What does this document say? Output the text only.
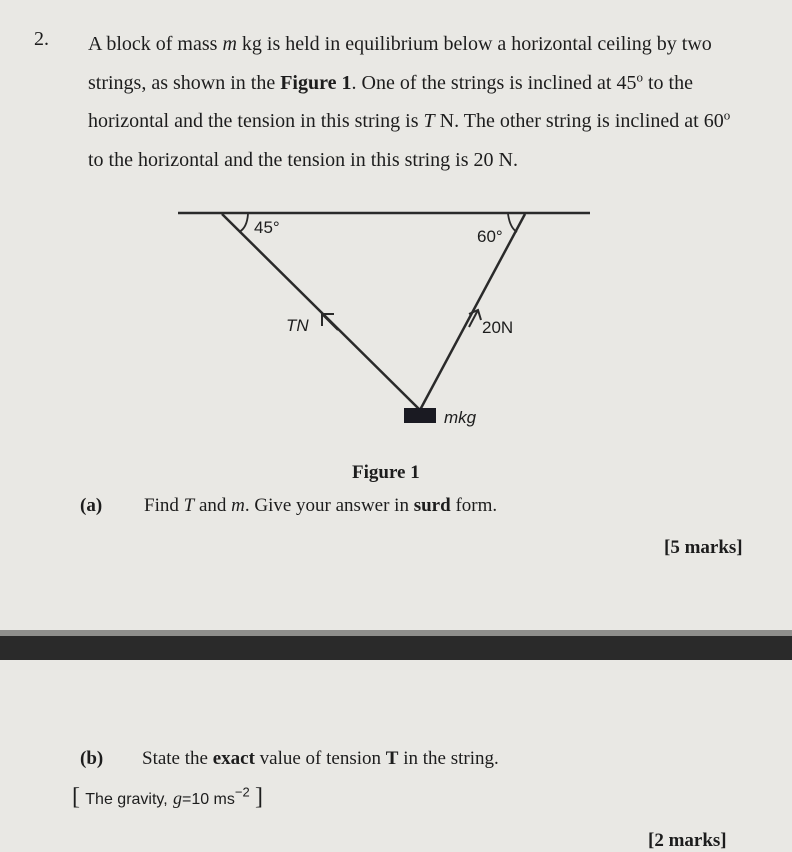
2. A block of mass m kg is held in equilibrium below a horizontal ceiling by two

strings, as shown in the Figure 1. One of the strings is inclined at 45$^o$ to the

horizontal and the tension in this string is T N. The other string is inclined at 60$^o$

to the horizontal and the tension in this string is 20 N.

45°	60°
TN	20N
mkg
Figure 1
(a) Find T and m. Give your answer in surd form.
[5 marks]
(b) State the exact value of tension T in the string.
[ The gravity, g=10 $ms^{-2}$ ]
[2 marks]
